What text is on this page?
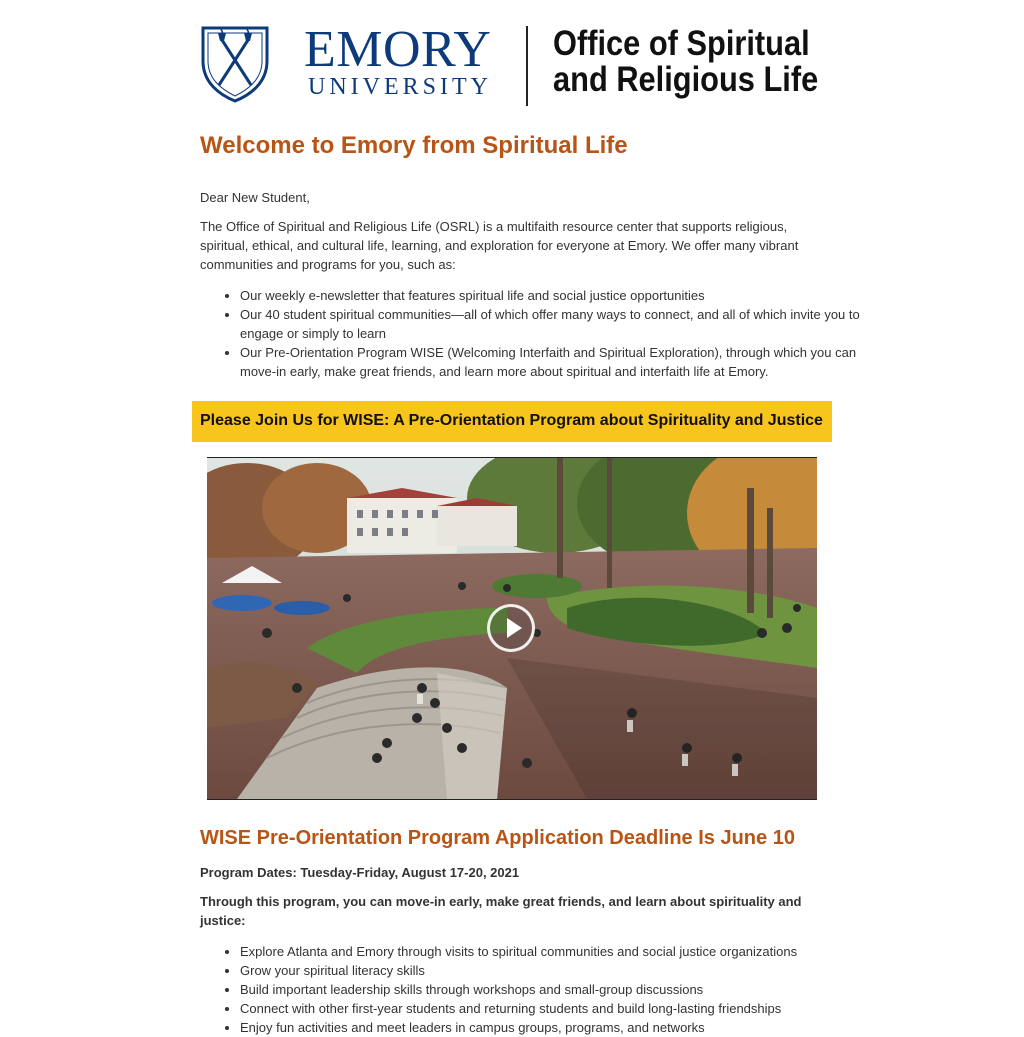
EMORY
UNIVERSITY
Office of Spiritual
and Religious Life
Welcome to Emory from Spiritual Life

Dear New Student,

The Office of Spiritual and Religious Life (OSRL) is a multifaith resource center that supports religious, spiritual, ethical, and cultural life, learning, and exploration for everyone at Emory. We offer many vibrant communities and programs for you, such as:

• Our weekly e-newsletter that features spiritual life and social justice opportunities
• Our 40 student spiritual communities—all of which offer many ways to connect, and all of which invite you to engage or simply to learn
• Our Pre-Orientation Program WISE (Welcoming Interfaith and Spiritual Exploration), through which you can move-in early, make great friends, and learn more about spiritual and interfaith life at Emory.
Please Join Us for WISE: A Pre-Orientation Program about Spirituality and Justice
WISE Pre-Orientation Program Application Deadline Is June 10

Program Dates: Tuesday-Friday, August 17-20, 2021

Through this program, you can move-in early, make great friends, and learn about spirituality and justice:

• Explore Atlanta and Emory through visits to spiritual communities and social justice organizations
• Grow your spiritual literacy skills
• Build important leadership skills through workshops and small-group discussions
• Connect with other first-year students and returning students and build long-lasting friendships
• Enjoy fun activities and meet leaders in campus groups, programs, and networks
